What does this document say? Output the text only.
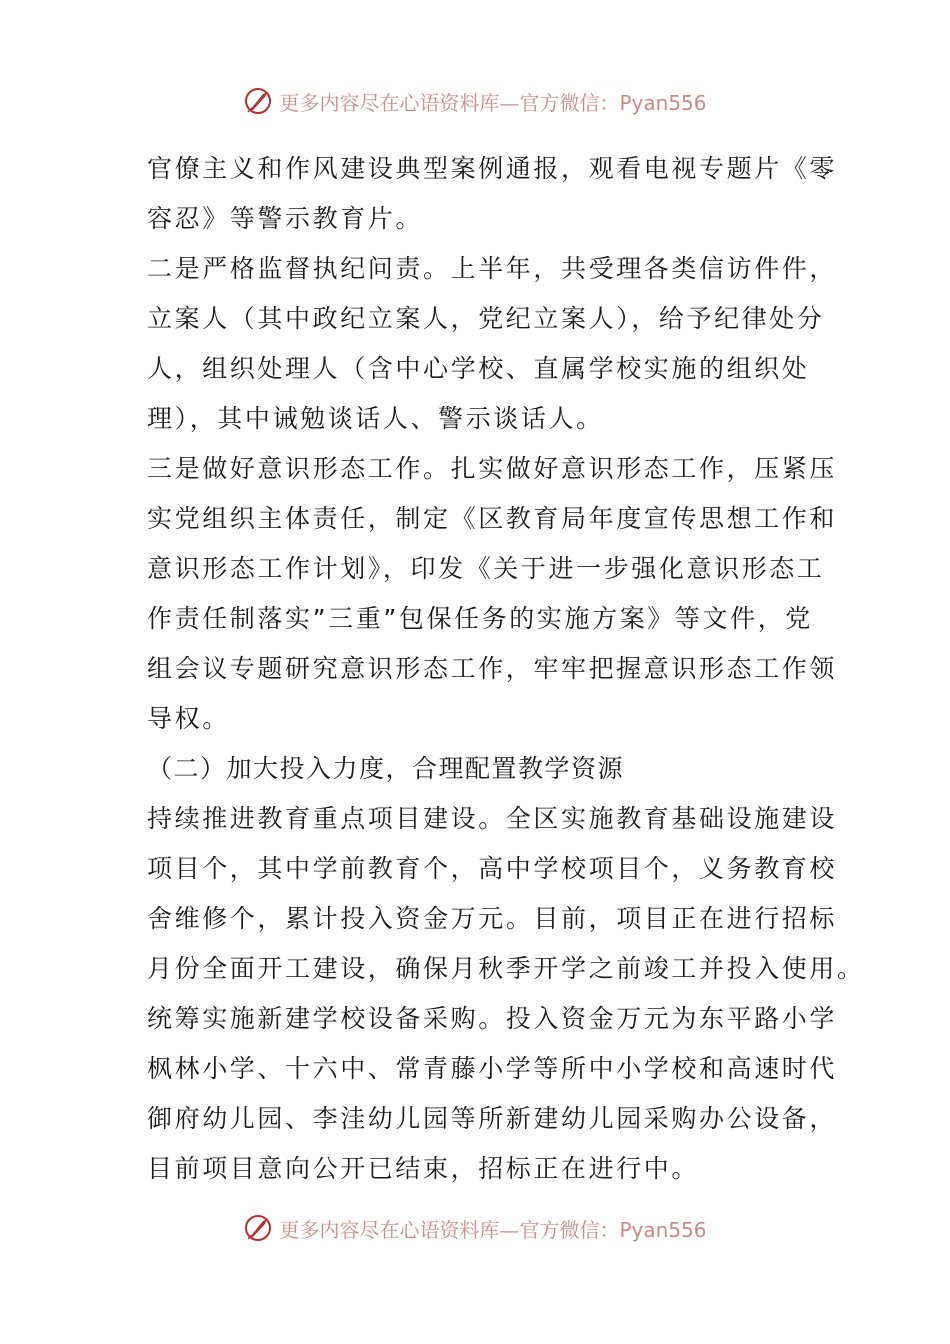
更多内容尽在心语资料库—官方微信：Pyan556
官僚主义和作风建设典型案例通报，观看电视专题片《零
容忍》等警示教育片。
二是严格监督执纪问责。上半年，共受理各类信访件件，
立案人（其中政纪立案人，党纪立案人），给予纪律处分
人，组织处理人（含中心学校、直属学校实施的组织处
理），其中诫勉谈话人、警示谈话人。
三是做好意识形态工作。扎实做好意识形态工作，压紧压
实党组织主体责任，制定《区教育局年度宣传思想工作和
意识形态工作计划》，印发《关于进一步强化意识形态工
作责任制落实”三重”包保任务的实施方案》等文件，党
组会议专题研究意识形态工作，牢牢把握意识形态工作领
导权。
（二）加大投入力度，合理配置教学资源
持续推进教育重点项目建设。全区实施教育基础设施建设
项目个，其中学前教育个，高中学校项目个，义务教育校
舍维修个，累计投入资金万元。目前，项目正在进行招标
月份全面开工建设，确保月秋季开学之前竣工并投入使用。
统筹实施新建学校设备采购。投入资金万元为东平路小学
枫林小学、十六中、常青藤小学等所中小学校和高速时代
御府幼儿园、李洼幼儿园等所新建幼儿园采购办公设备，
目前项目意向公开已结束，招标正在进行中。
更多内容尽在心语资料库—官方微信：Pyan556
